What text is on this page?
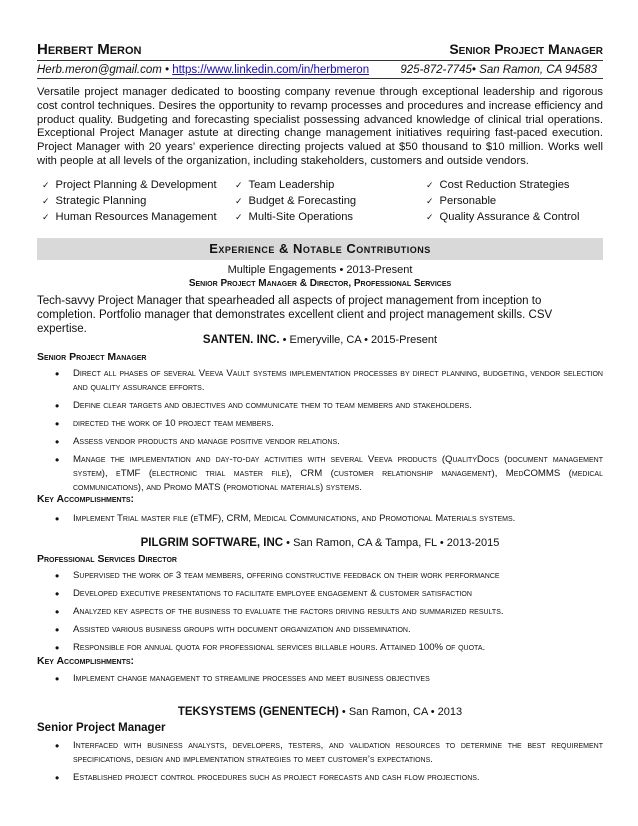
Herbert Meron	Senior Project Manager
Herb.meron@gmail.com • https://www.linkedin.com/in/herbmeron	925-872-7745• San Ramon, CA 94583
Versatile project manager dedicated to boosting company revenue through exceptional leadership and rigorous cost control techniques. Desires the opportunity to revamp processes and procedures and increase efficiency and product quality. Budgeting and forecasting specialist possessing advanced knowledge of clinical trial operations. Exceptional Project Manager astute at directing change management initiatives requiring fast-paced execution. Project Manager with 20 years’ experience directing projects valued at $50 thousand to $10 million. Works well with people at all levels of the organization, including stakeholders, customers and outside vendors.
✓ Project Planning & Development
✓ Strategic Planning
✓ Human Resources Management
✓ Team Leadership
✓ Budget & Forecasting
✓ Multi-Site Operations
✓ Cost Reduction Strategies
✓ Personable
✓ Quality Assurance & Control
Experience & Notable Contributions
Multiple Engagements • 2013-Present
Senior Project Manager & Director, Professional Services
Tech-savvy Project Manager that spearheaded all aspects of project management from inception to completion. Portfolio manager that demonstrates excellent client and project management skills. CSV expertise.
SANTEN. INC. • Emeryville, CA • 2015-Present
Senior Project Manager
• Direct all phases of several Veeva Vault systems implementation processes by direct planning, budgeting, vendor selection and quality assurance efforts.
• Define clear targets and objectives and communicate them to team members and stakeholders.
• directed the work of 10 project team members.
• Assess vendor products and manage positive vendor relations.
• Manage the implementation and day-to-day activities with several Veeva products (QualityDocs (document management system), eTMF (electronic trial master file), CRM (customer relationship management), MedCOMMS (medical communications), and Promo MATS (promotional materials) systems.
Key Accomplishments:
• Implement Trial master file (eTMF), CRM, Medical Communications, and Promotional Materials systems.
PILGRIM SOFTWARE, INC • San Ramon, CA & Tampa, FL • 2013-2015
Professional Services Director
• Supervised the work of 3 team members, offering constructive feedback on their work performance
• Developed executive presentations to facilitate employee engagement & customer satisfaction
• Analyzed key aspects of the business to evaluate the factors driving results and summarized results.
• Assisted various business groups with document organization and dissemination.
• Responsible for annual quota for professional services billable hours. Attained 100% of quota.
Key Accomplishments:
• Implement change management to streamline processes and meet business objectives
TEKSYSTEMS (GENENTECH) • San Ramon, CA • 2013
Senior Project Manager
• Interfaced with business analysts, developers, testers, and validation resources to determine the best requirement specifications, design and implementation strategies to meet customer’s expectations.
• Established project control procedures such as project forecasts and cash flow projections.
